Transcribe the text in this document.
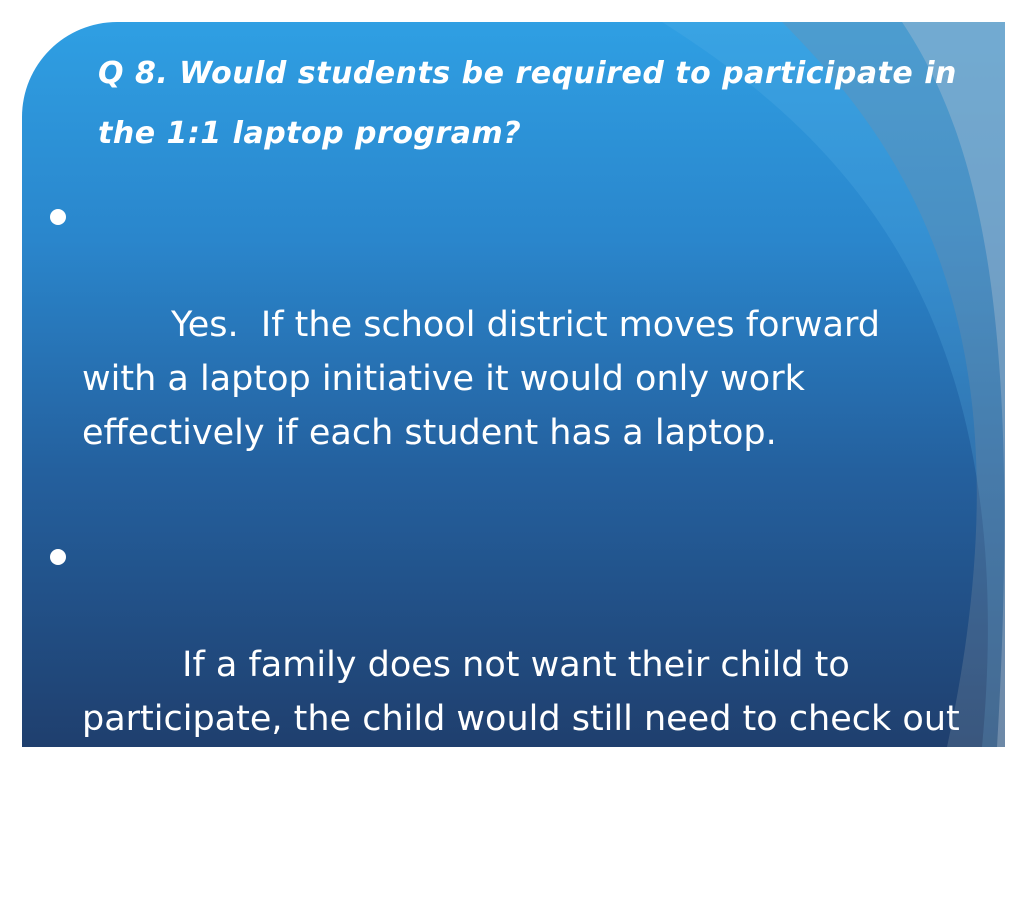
Q 8. Would students be required to participate in the 1:1 laptop program?

Yes.  If the school district moves forward with a laptop initiative it would only work effectively if each student has a laptop.

If a family does not want their child to participate, the child would still need to check out a laptop at school during the day and then check it in at the end of each school day.
